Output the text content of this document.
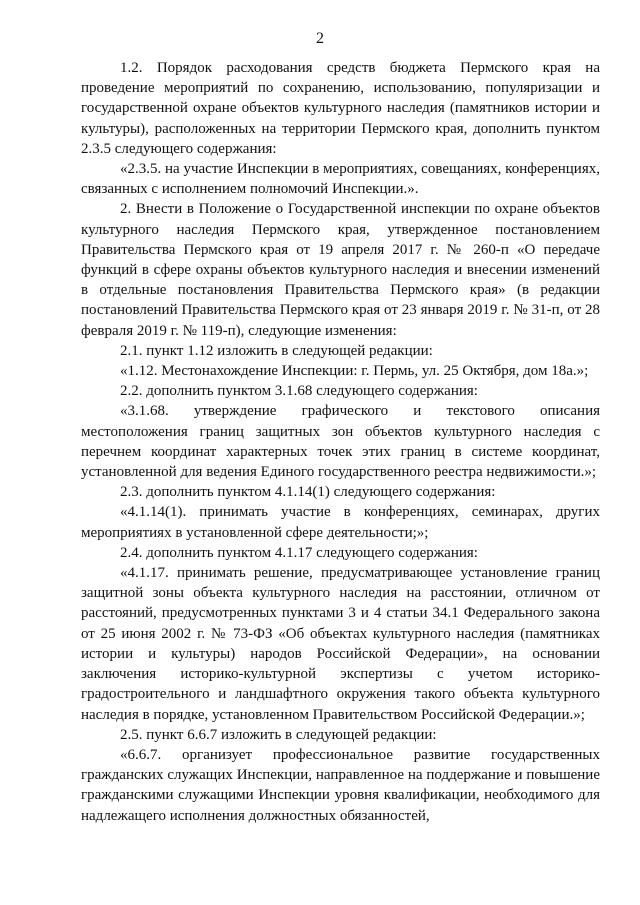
2

1.2. Порядок расходования средств бюджета Пермского края на проведение мероприятий по сохранению, использованию, популяризации и государственной охране объектов культурного наследия (памятников истории и культуры), расположенных на территории Пермского края, дополнить пунктом 2.3.5 следующего содержания:

«2.3.5. на участие Инспекции в мероприятиях, совещаниях, конференциях, связанных с исполнением полномочий Инспекции.».

2. Внести в Положение о Государственной инспекции по охране объектов культурного наследия Пермского края, утвержденное постановлением Правительства Пермского края от 19 апреля 2017 г. № 260-п «О передаче функций в сфере охраны объектов культурного наследия и внесении изменений в отдельные постановления Правительства Пермского края» (в редакции постановлений Правительства Пермского края от 23 января 2019 г. № 31-п, от 28 февраля 2019 г. № 119-п), следующие изменения:

2.1. пункт 1.12 изложить в следующей редакции:

«1.12. Местонахождение Инспекции: г. Пермь, ул. 25 Октября, дом 18а.»;

2.2. дополнить пунктом 3.1.68 следующего содержания:

«3.1.68. утверждение графического и текстового описания местоположения границ защитных зон объектов культурного наследия с перечнем координат характерных точек этих границ в системе координат, установленной для ведения Единого государственного реестра недвижимости.»;

2.3. дополнить пунктом 4.1.14(1) следующего содержания:

«4.1.14(1). принимать участие в конференциях, семинарах, других мероприятиях в установленной сфере деятельности;»;

2.4. дополнить пунктом 4.1.17 следующего содержания:

«4.1.17. принимать решение, предусматривающее установление границ защитной зоны объекта культурного наследия на расстоянии, отличном от расстояний, предусмотренных пунктами 3 и 4 статьи 34.1 Федерального закона от 25 июня 2002 г. № 73-ФЗ «Об объектах культурного наследия (памятниках истории и культуры) народов Российской Федерации», на основании заключения историко-культурной экспертизы с учетом историко-градостроительного и ландшафтного окружения такого объекта культурного наследия в порядке, установленном Правительством Российской Федерации.»;

2.5. пункт 6.6.7 изложить в следующей редакции:

«6.6.7. организует профессиональное развитие государственных гражданских служащих Инспекции, направленное на поддержание и повышение гражданскими служащими Инспекции уровня квалификации, необходимого для надлежащего исполнения должностных обязанностей,
